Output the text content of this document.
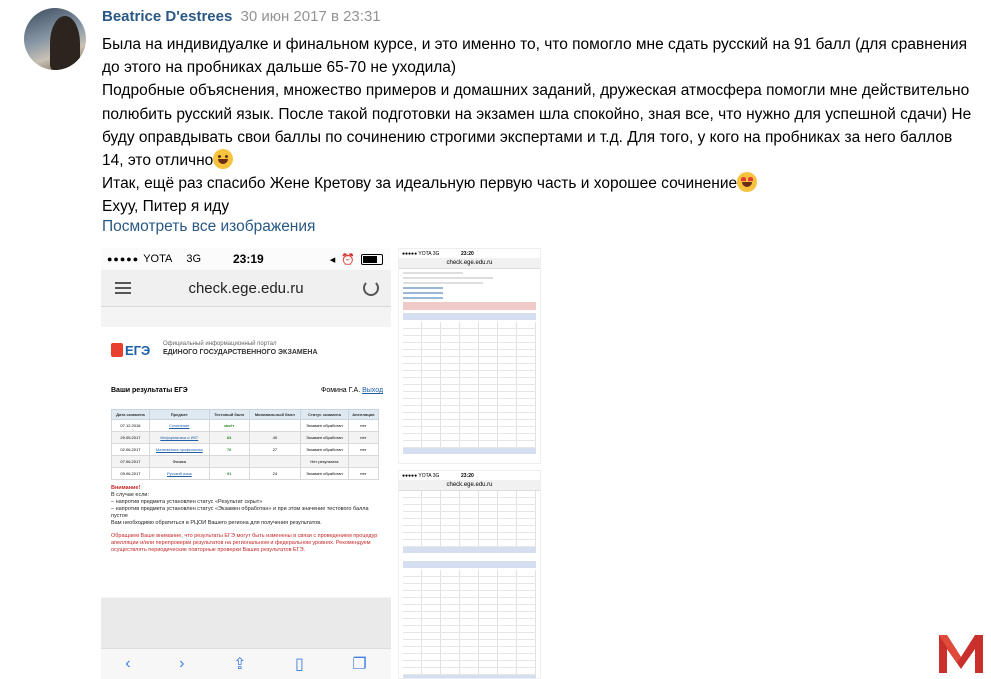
Beatrice D'estrees 30 июн 2017 в 23:31

Была на индивидуалке и финальном курсе, и это именно то, что помогло мне сдать русский на 91 балл (для сравнения до этого на пробниках дальше 65-70 не уходила)

Подробные объяснения, множество примеров и домашних заданий, дружеская атмосфера помогли мне действительно полюбить русский язык. После такой подготовки на экзамен шла спокойно, зная все, что нужно для успешной сдачи) Не буду оправдывать свои баллы по сочинению строгими экспертами и т.д. Для того, у кого на пробниках за него баллов 14, это отлично

Итак, ещё раз спасибо Жене Кретову за идеальную первую часть и хорошее сочинение

Ехуу, Питер я иду

Посмотреть все изображения
●●●●● YOTA 3G	23:19	◂ ⏰
check.ege.edu.ru
ЕГЭ Официальный информационный портал
ЕДИНОГО ГОСУДАРСТВЕННОГО ЭКЗАМЕНА
Ваши результаты ЕГЭ	Фомина Г.А. Выход
Дата экзамена	Предмет	Тестовый балл	Минимальный балл	Статус экзамена	Апелляция
07.12.2016	Сочинение	зачёт		Экзамен обработан	нет
29.05.2017	Информатика и ИКТ	83	40	Экзамен обработан	нет
02.06.2017	Математика профильная	76	27	Экзамен обработан	нет
07.06.2017	Физика			Нет результата	
09.06.2017	Русский язык	91	24	Экзамен обработан	нет
Внимание!
В случае если:
– напротив предмета установлен статус «Результат скрыт»
– напротив предмета установлен статус «Экзамен обработан» и при этом значение тестового балла пустое
Вам необходимо обратиться в РЦОИ Вашего региона для получения результатов.
Обращаем Ваше внимание, что результаты ЕГЭ могут быть изменены в связи с проведением процедур апелляции и/или перепроверки результатов на региональном и федеральном уровнях. Рекомендуем осуществлять периодические повторные проверки Ваших результатов ЕГЭ.
‹	›	⇪	▯	❐
●●●●● YOTA 3G	23:20
check.ege.edu.ru
●●●●● YOTA 3G	23:20
check.ege.edu.ru
